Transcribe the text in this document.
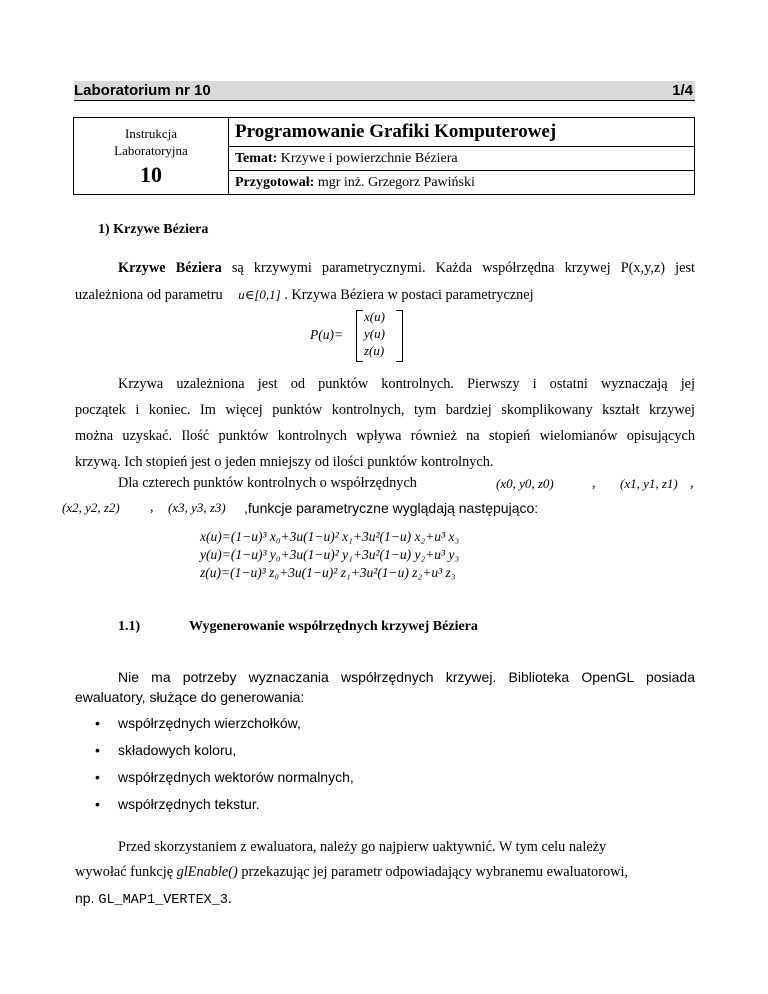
Laboratorium nr 10	1/4
Instrukcja
Laboratoryjna
10
	Programowanie Grafiki Komputerowej
Temat: Krzywe i powierzchnie Béziera
Przygotował: mgr inż. Grzegorz Pawiński
1) Krzywe Béziera
Krzywe Béziera są krzywymi parametrycznymi. Każda współrzędna krzywej P(x,y,z) jest
uzależniona od parametru u∈[0,1] . Krzywa Béziera w postaci parametrycznej
P(u)=
x(u)
y(u)
z(u)
Krzywa uzależniona jest od punktów kontrolnych. Pierwszy i ostatni wyznaczają jej
początek i koniec. Im więcej punktów kontrolnych, tym bardziej skomplikowany kształt krzywej
można uzyskać. Ilość punktów kontrolnych wpływa również na stopień wielomianów opisujących
krzywą. Ich stopień jest o jeden mniejszy od ilości punktów kontrolnych.
Dla czterech punktów kontrolnych o współrzędnych	(x0, y0, z0)	, (x1, y1, z1) ,
(x2, y2, z2) , (x3, y3, z3) ,funkcje parametryczne wyglądają następująco:
x(u)=(1−u)³ x₀+3u(1−u)² x₁+3u²(1−u) x₂+u³ x₃
y(u)=(1−u)³ y₀+3u(1−u)² y₁+3u²(1−u) y₂+u³ y₃
z(u)=(1−u)³ z₀+3u(1−u)² z₁+3u²(1−u) z₂+u³ z₃
1.1)	Wygenerowanie współrzędnych krzywej Béziera
Nie ma potrzeby wyznaczania współrzędnych krzywej. Biblioteka OpenGL posiada
ewaluatory, służące do generowania:
• współrzędnych wierzchołków,
• składowych koloru,
• współrzędnych wektorów normalnych,
• współrzędnych tekstur.
Przed skorzystaniem z ewaluatora, należy go najpierw uaktywnić. W tym celu należy
wywołać funkcję glEnable() przekazując jej parametr odpowiadający wybranemu ewaluatorowi,
np. GL_MAP1_VERTEX_3.
